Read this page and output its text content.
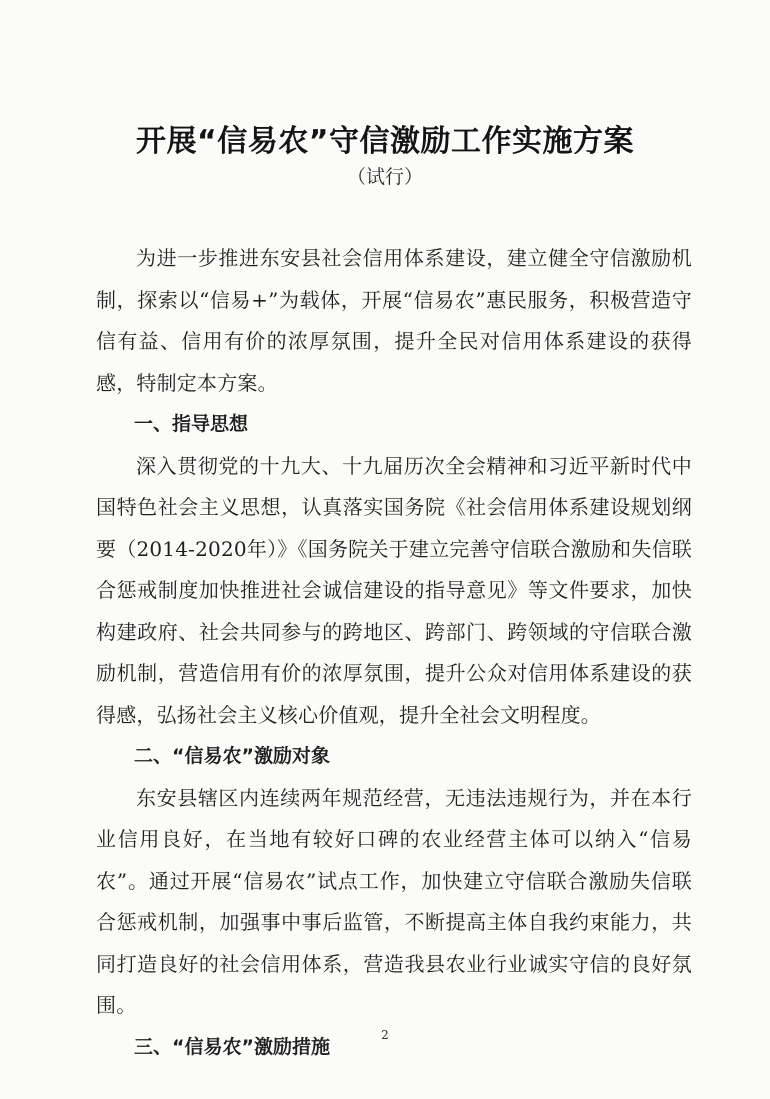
开展“信易农”守信激励工作实施方案
（试行）

为进一步推进东安县社会信用体系建设，建立健全守信激励机制，探索以“信易+”为载体，开展“信易农”惠民服务，积极营造守信有益、信用有价的浓厚氛围，提升全民对信用体系建设的获得感，特制定本方案。

一、指导思想

深入贯彻党的十九大、十九届历次全会精神和习近平新时代中国特色社会主义思想，认真落实国务院《社会信用体系建设规划纲要（2014-2020年）》《国务院关于建立完善守信联合激励和失信联合惩戒制度加快推进社会诚信建设的指导意见》等文件要求，加快构建政府、社会共同参与的跨地区、跨部门、跨领域的守信联合激励机制，营造信用有价的浓厚氛围，提升公众对信用体系建设的获得感，弘扬社会主义核心价值观，提升全社会文明程度。

二、“信易农”激励对象

东安县辖区内连续两年规范经营，无违法违规行为，并在本行业信用良好，在当地有较好口碑的农业经营主体可以纳入“信易农”。通过开展“信易农”试点工作，加快建立守信联合激励失信联合惩戒机制，加强事中事后监管，不断提高主体自我约束能力，共同打造良好的社会信用体系，营造我县农业行业诚实守信的良好氛围。

三、“信易农”激励措施

2
